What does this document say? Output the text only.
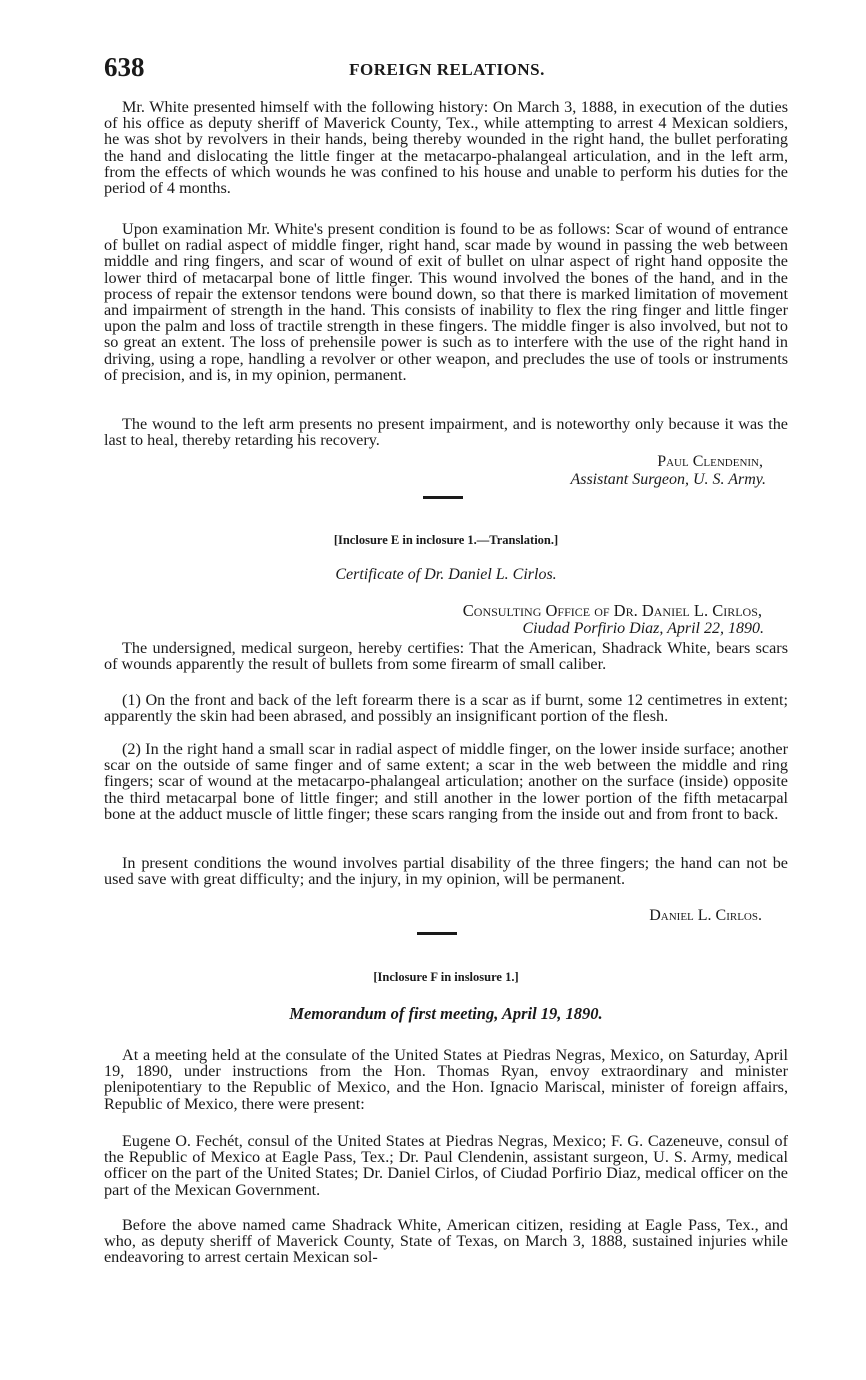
638	FOREIGN RELATIONS.

Mr. White presented himself with the following history: On March 3, 1888, in execution of the duties of his office as deputy sheriff of Maverick County, Tex., while attempting to arrest 4 Mexican soldiers, he was shot by revolvers in their hands, being thereby wounded in the right hand, the bullet perforating the hand and dislocating the little finger at the metacarpo-phalangeal articulation, and in the left arm, from the effects of which wounds he was confined to his house and unable to perform his duties for the period of 4 months.

Upon examination Mr. White's present condition is found to be as follows: Scar of wound of entrance of bullet on radial aspect of middle finger, right hand, scar made by wound in passing the web between middle and ring fingers, and scar of wound of exit of bullet on ulnar aspect of right hand opposite the lower third of metacarpal bone of little finger. This wound involved the bones of the hand, and in the process of repair the extensor tendons were bound down, so that there is marked limitation of movement and impairment of strength in the hand. This consists of inability to flex the ring finger and little finger upon the palm and loss of tractile strength in these fingers. The middle finger is also involved, but not to so great an extent. The loss of prehensile power is such as to interfere with the use of the right hand in driving, using a rope, handling a revolver or other weapon, and precludes the use of tools or instruments of precision, and is, in my opinion, permanent.

The wound to the left arm presents no present impairment, and is noteworthy only because it was the last to heal, thereby retarding his recovery.

Paul Clendenin,

Assistant Surgeon, U. S. Army.

[Inclosure E in inclosure 1.—Translation.]

Certificate of Dr. Daniel L. Cirlos.

Consulting Office of Dr. Daniel L. Cirlos,

Ciudad Porfirio Diaz, April 22, 1890.

The undersigned, medical surgeon, hereby certifies: That the American, Shadrack White, bears scars of wounds apparently the result of bullets from some firearm of small caliber.

(1) On the front and back of the left forearm there is a scar as if burnt, some 12 centimetres in extent; apparently the skin had been abrased, and possibly an insignificant portion of the flesh.

(2) In the right hand a small scar in radial aspect of middle finger, on the lower inside surface; another scar on the outside of same finger and of same extent; a scar in the web between the middle and ring fingers; scar of wound at the metacarpo-phalangeal articulation; another on the surface (inside) opposite the third metacarpal bone of little finger; and still another in the lower portion of the fifth metacarpal bone at the adduct muscle of little finger; these scars ranging from the inside out and from front to back.

In present conditions the wound involves partial disability of the three fingers; the hand can not be used save with great difficulty; and the injury, in my opinion, will be permanent.

Daniel L. Cirlos.

[Inclosure F in inslosure 1.]

Memorandum of first meeting, April 19, 1890.

At a meeting held at the consulate of the United States at Piedras Negras, Mexico, on Saturday, April 19, 1890, under instructions from the Hon. Thomas Ryan, envoy extraordinary and minister plenipotentiary to the Republic of Mexico, and the Hon. Ignacio Mariscal, minister of foreign affairs, Republic of Mexico, there were present:

Eugene O. Fechét, consul of the United States at Piedras Negras, Mexico; F. G. Cazeneuve, consul of the Republic of Mexico at Eagle Pass, Tex.; Dr. Paul Clendenin, assistant surgeon, U. S. Army, medical officer on the part of the United States; Dr. Daniel Cirlos, of Ciudad Porfirio Diaz, medical officer on the part of the Mexican Government.

Before the above named came Shadrack White, American citizen, residing at Eagle Pass, Tex., and who, as deputy sheriff of Maverick County, State of Texas, on March 3, 1888, sustained injuries while endeavoring to arrest certain Mexican sol-
